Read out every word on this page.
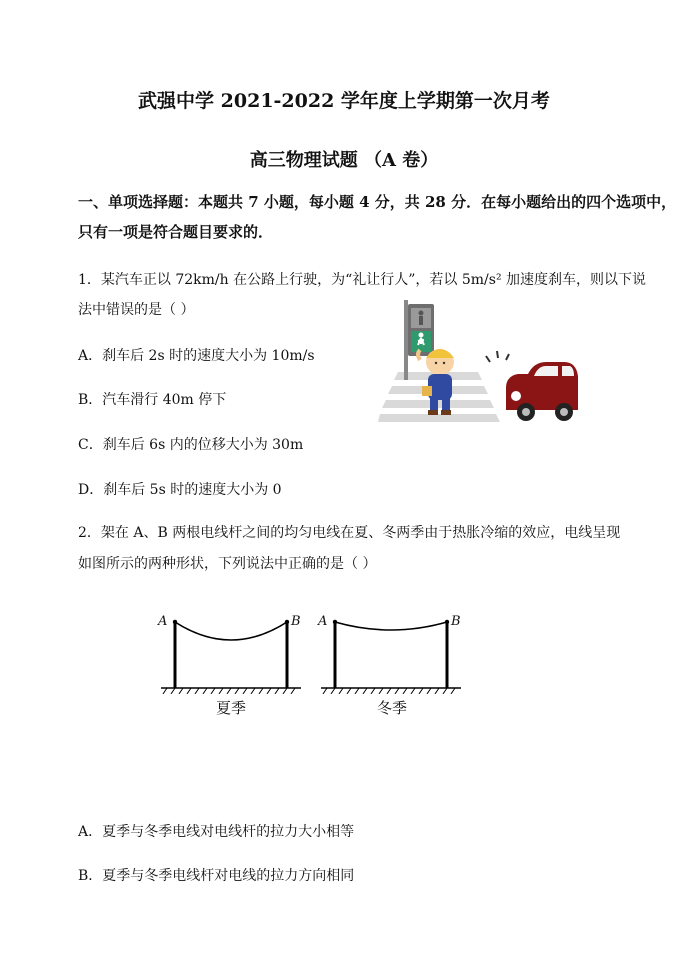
武强中学 2021-2022 学年度上学期第一次月考
高三物理试题 （A 卷）
一、单项选择题：本题共 7 小题，每小题 4 分，共 28 分．在每小题给出的四个选项中，
只有一项是符合题目要求的．
1．某汽车正以 72km/h 在公路上行驶，为“礼让行人”，若以 5m/s² 加速度刹车，则以下说
法中错误的是（ ）
A．刹车后 2s 时的速度大小为 10m/s
B．汽车滑行 40m 停下
C．刹车后 6s 内的位移大小为 30m
D．刹车后 5s 时的速度大小为 0
2．架在 A、B 两根电线杆之间的均匀电线在夏、冬两季由于热胀冷缩的效应，电线呈现
如图所示的两种形状，下列说法中正确的是（ ）
A	B
夏季
A	B
冬季
A．夏季与冬季电线对电线杆的拉力大小相等
B．夏季与冬季电线杆对电线的拉力方向相同
